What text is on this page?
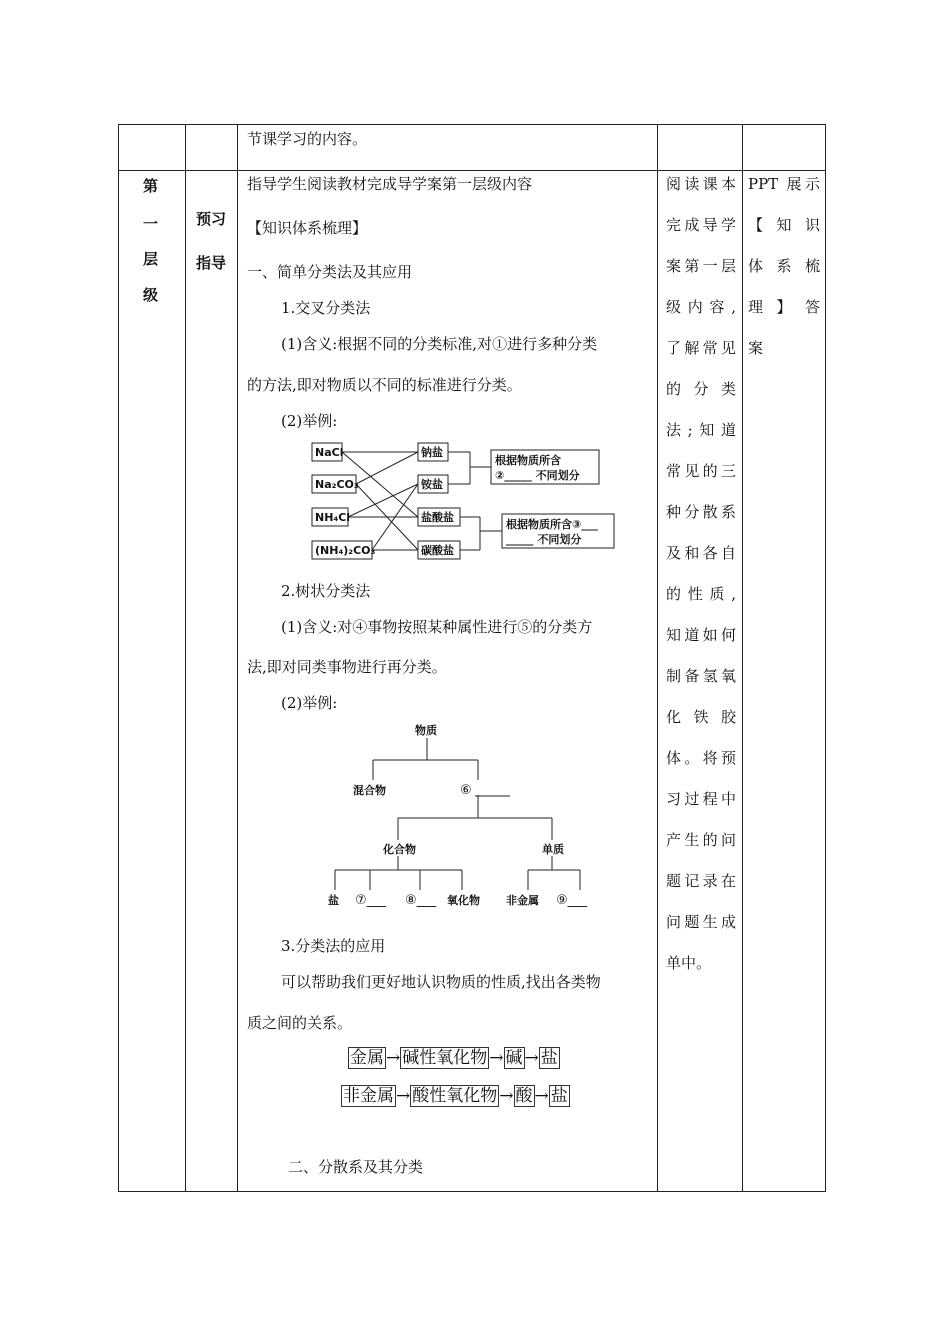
节课学习的内容。
第
一
层
级
预习
指导
指导学生阅读教材完成导学案第一层级内容
【知识体系梳理】
一、简单分类法及其应用
1.交叉分类法
(1)含义:根据不同的分类标准,对①进行多种分类
的方法,即对物质以不同的标准进行分类。
(2)举例:
NaCl
Na₂CO₃
NH₄Cl
(NH₄)₂CO₃
钠盐
铵盐
盐酸盐
碳酸盐
根据物质所含
②_____ 不同划分
根据物质所含③___
_____ 不同划分
2.树状分类法
(1)含义:对④事物按照某种属性进行⑤的分类方
法,即对同类事物进行再分类。
(2)举例:
物质
混合物	⑥
化合物	单质
盐 ⑦___ ⑧___ 氧化物 非金属 ⑨___
3.分类法的应用
可以帮助我们更好地认识物质的性质,找出各类物
质之间的关系。
金属 → 碱性氧化物 → 碱 → 盐
非金属 → 酸性氧化物 → 酸 → 盐
二、分散系及其分类
阅读课本
完成导学
案第一层
级内容,
了解常见
的 分 类
法;知道
常见的三
种分散系
及和各自
的性质,
知道如何
制备氢氧
化 铁 胶
体。将预
习过程中
产生的问
题记录在
问题生成
单中。
PPT 展示
【 知 识
体 系 梳
理 】 答
案
